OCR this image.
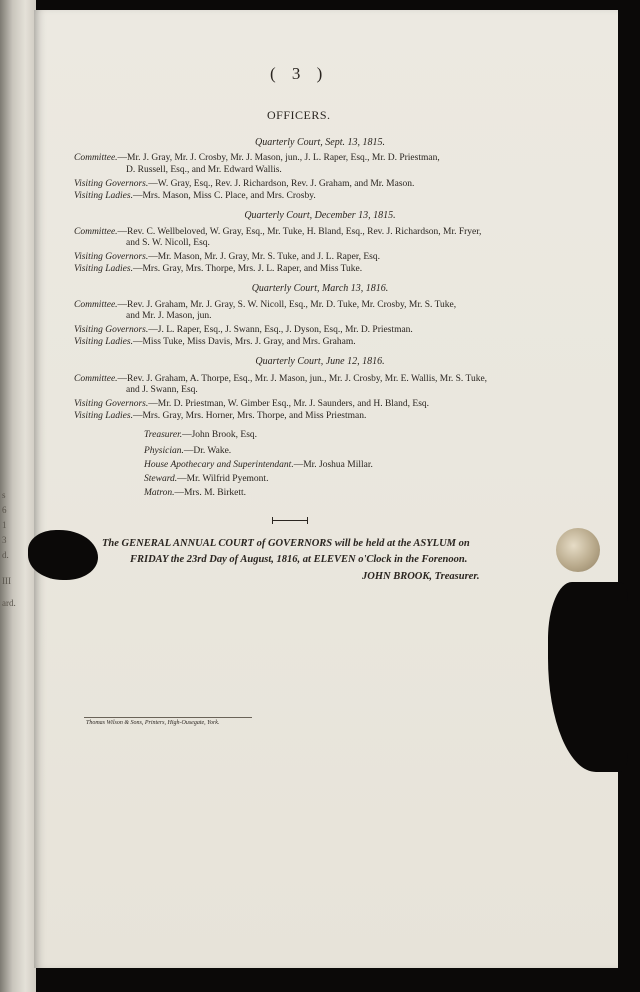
s
6
1
3
d.
III
ard.
( 3 )
OFFICERS.
Quarterly Court, Sept. 13, 1815.
Committee.—Mr. J. Gray, Mr. J. Crosby, Mr. J. Mason, jun., J. L. Raper, Esq., Mr. D. Priestman,
D. Russell, Esq., and Mr. Edward Wallis.
Visiting Governors.—W. Gray, Esq., Rev. J. Richardson, Rev. J. Graham, and Mr. Mason.
Visiting Ladies.—Mrs. Mason, Miss C. Place, and Mrs. Crosby.
Quarterly Court, December 13, 1815.
Committee.—Rev. C. Wellbeloved, W. Gray, Esq., Mr. Tuke, H. Bland, Esq., Rev. J. Richardson, Mr. Fryer,
and S. W. Nicoll, Esq.
Visiting Governors.—Mr. Mason, Mr. J. Gray, Mr. S. Tuke, and J. L. Raper, Esq.
Visiting Ladies.—Mrs. Gray, Mrs. Thorpe, Mrs. J. L. Raper, and Miss Tuke.
Quarterly Court, March 13, 1816.
Committee.—Rev. J. Graham, Mr. J. Gray, S. W. Nicoll, Esq., Mr. D. Tuke, Mr. Crosby, Mr. S. Tuke,
and Mr. J. Mason, jun.
Visiting Governors.—J. L. Raper, Esq., J. Swann, Esq., J. Dyson, Esq., Mr. D. Priestman.
Visiting Ladies.—Miss Tuke, Miss Davis, Mrs. J. Gray, and Mrs. Graham.
Quarterly Court, June 12, 1816.
Committee.—Rev. J. Graham, A. Thorpe, Esq., Mr. J. Mason, jun., Mr. J. Crosby, Mr. E. Wallis, Mr. S. Tuke,
and J. Swann, Esq.
Visiting Governors.—Mr. D. Priestman, W. Gimber Esq., Mr. J. Saunders, and H. Bland, Esq.
Visiting Ladies.—Mrs. Gray, Mrs. Horner, Mrs. Thorpe, and Miss Priestman.
Treasurer.—John Brook, Esq.
Physician.—Dr. Wake.
House Apothecary and Superintendant.—Mr. Joshua Millar.
Steward.—Mr. Wilfrid Pyemont.
Matron.—Mrs. M. Birkett.
The GENERAL ANNUAL COURT of GOVERNORS will be held at the ASYLUM on
FRIDAY the 23rd Day of August, 1816, at ELEVEN o'Clock in the Forenoon.
JOHN BROOK, Treasurer.
Thomas Wilson & Sons, Printers, High-Ousegate, York.
